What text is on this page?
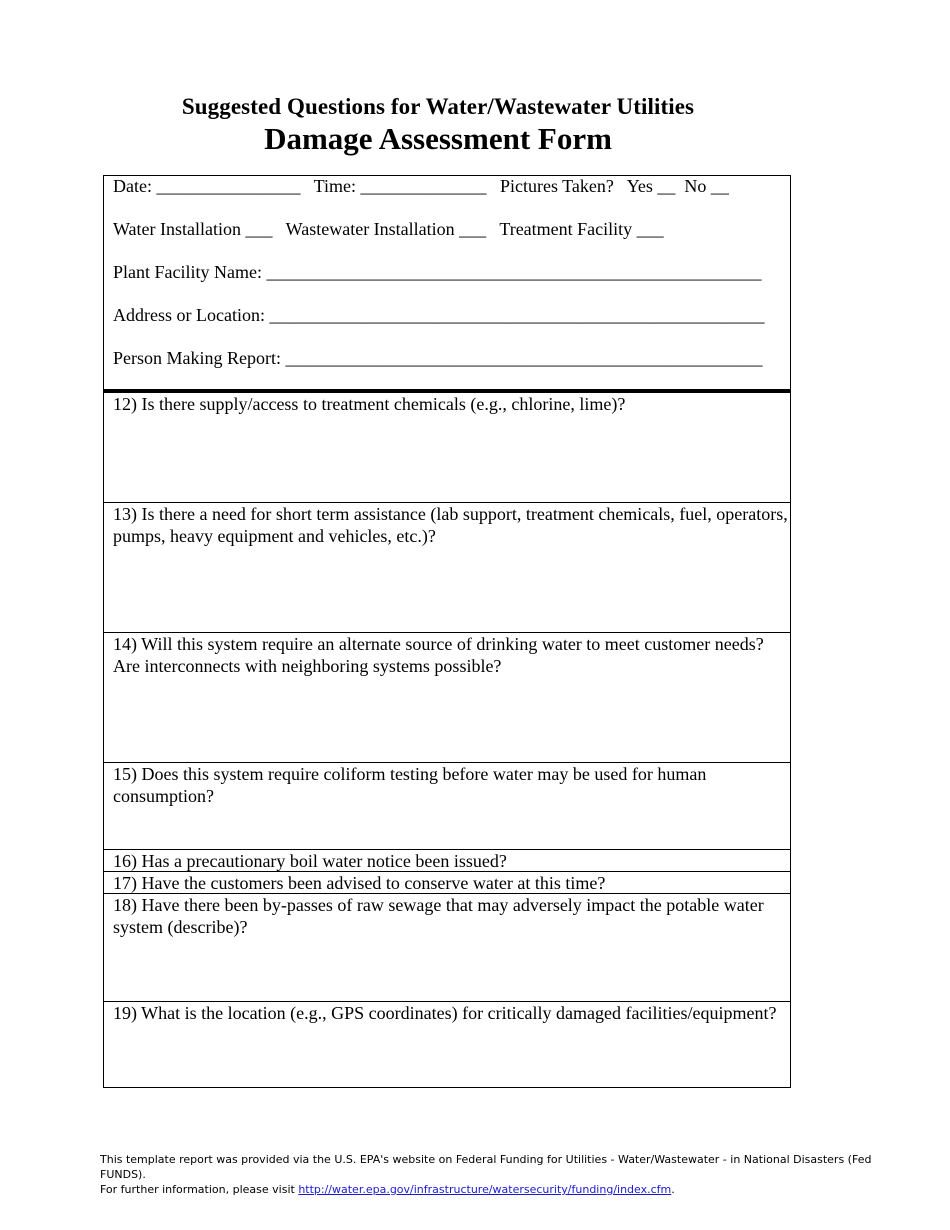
Suggested Questions for Water/Wastewater Utilities
Damage Assessment Form
Date: ________________   Time: ______________   Pictures Taken?   Yes __  No __
Water Installation ___   Wastewater Installation ___   Treatment Facility ___
Plant Facility Name: _______________________________________________________
Address or Location: _______________________________________________________
Person Making Report: _____________________________________________________
12) Is there supply/access to treatment chemicals (e.g., chlorine, lime)?
13) Is there a need for short term assistance (lab support, treatment chemicals, fuel, operators, pumps, heavy equipment and vehicles, etc.)?
14) Will this system require an alternate source of drinking water to meet customer needs? Are interconnects with neighboring systems possible?
15) Does this system require coliform testing before water may be used for human consumption?
16) Has a precautionary boil water notice been issued?
17) Have the customers been advised to conserve water at this time?
18) Have there been by-passes of raw sewage that may adversely impact the potable water system (describe)?
19) What is the location (e.g., GPS coordinates) for critically damaged facilities/equipment?
This template report was provided via the U.S. EPA's website on Federal Funding for Utilities - Water/Wastewater - in National Disasters (Fed FUNDS).
For further information, please visit http://water.epa.gov/infrastructure/watersecurity/funding/index.cfm.
